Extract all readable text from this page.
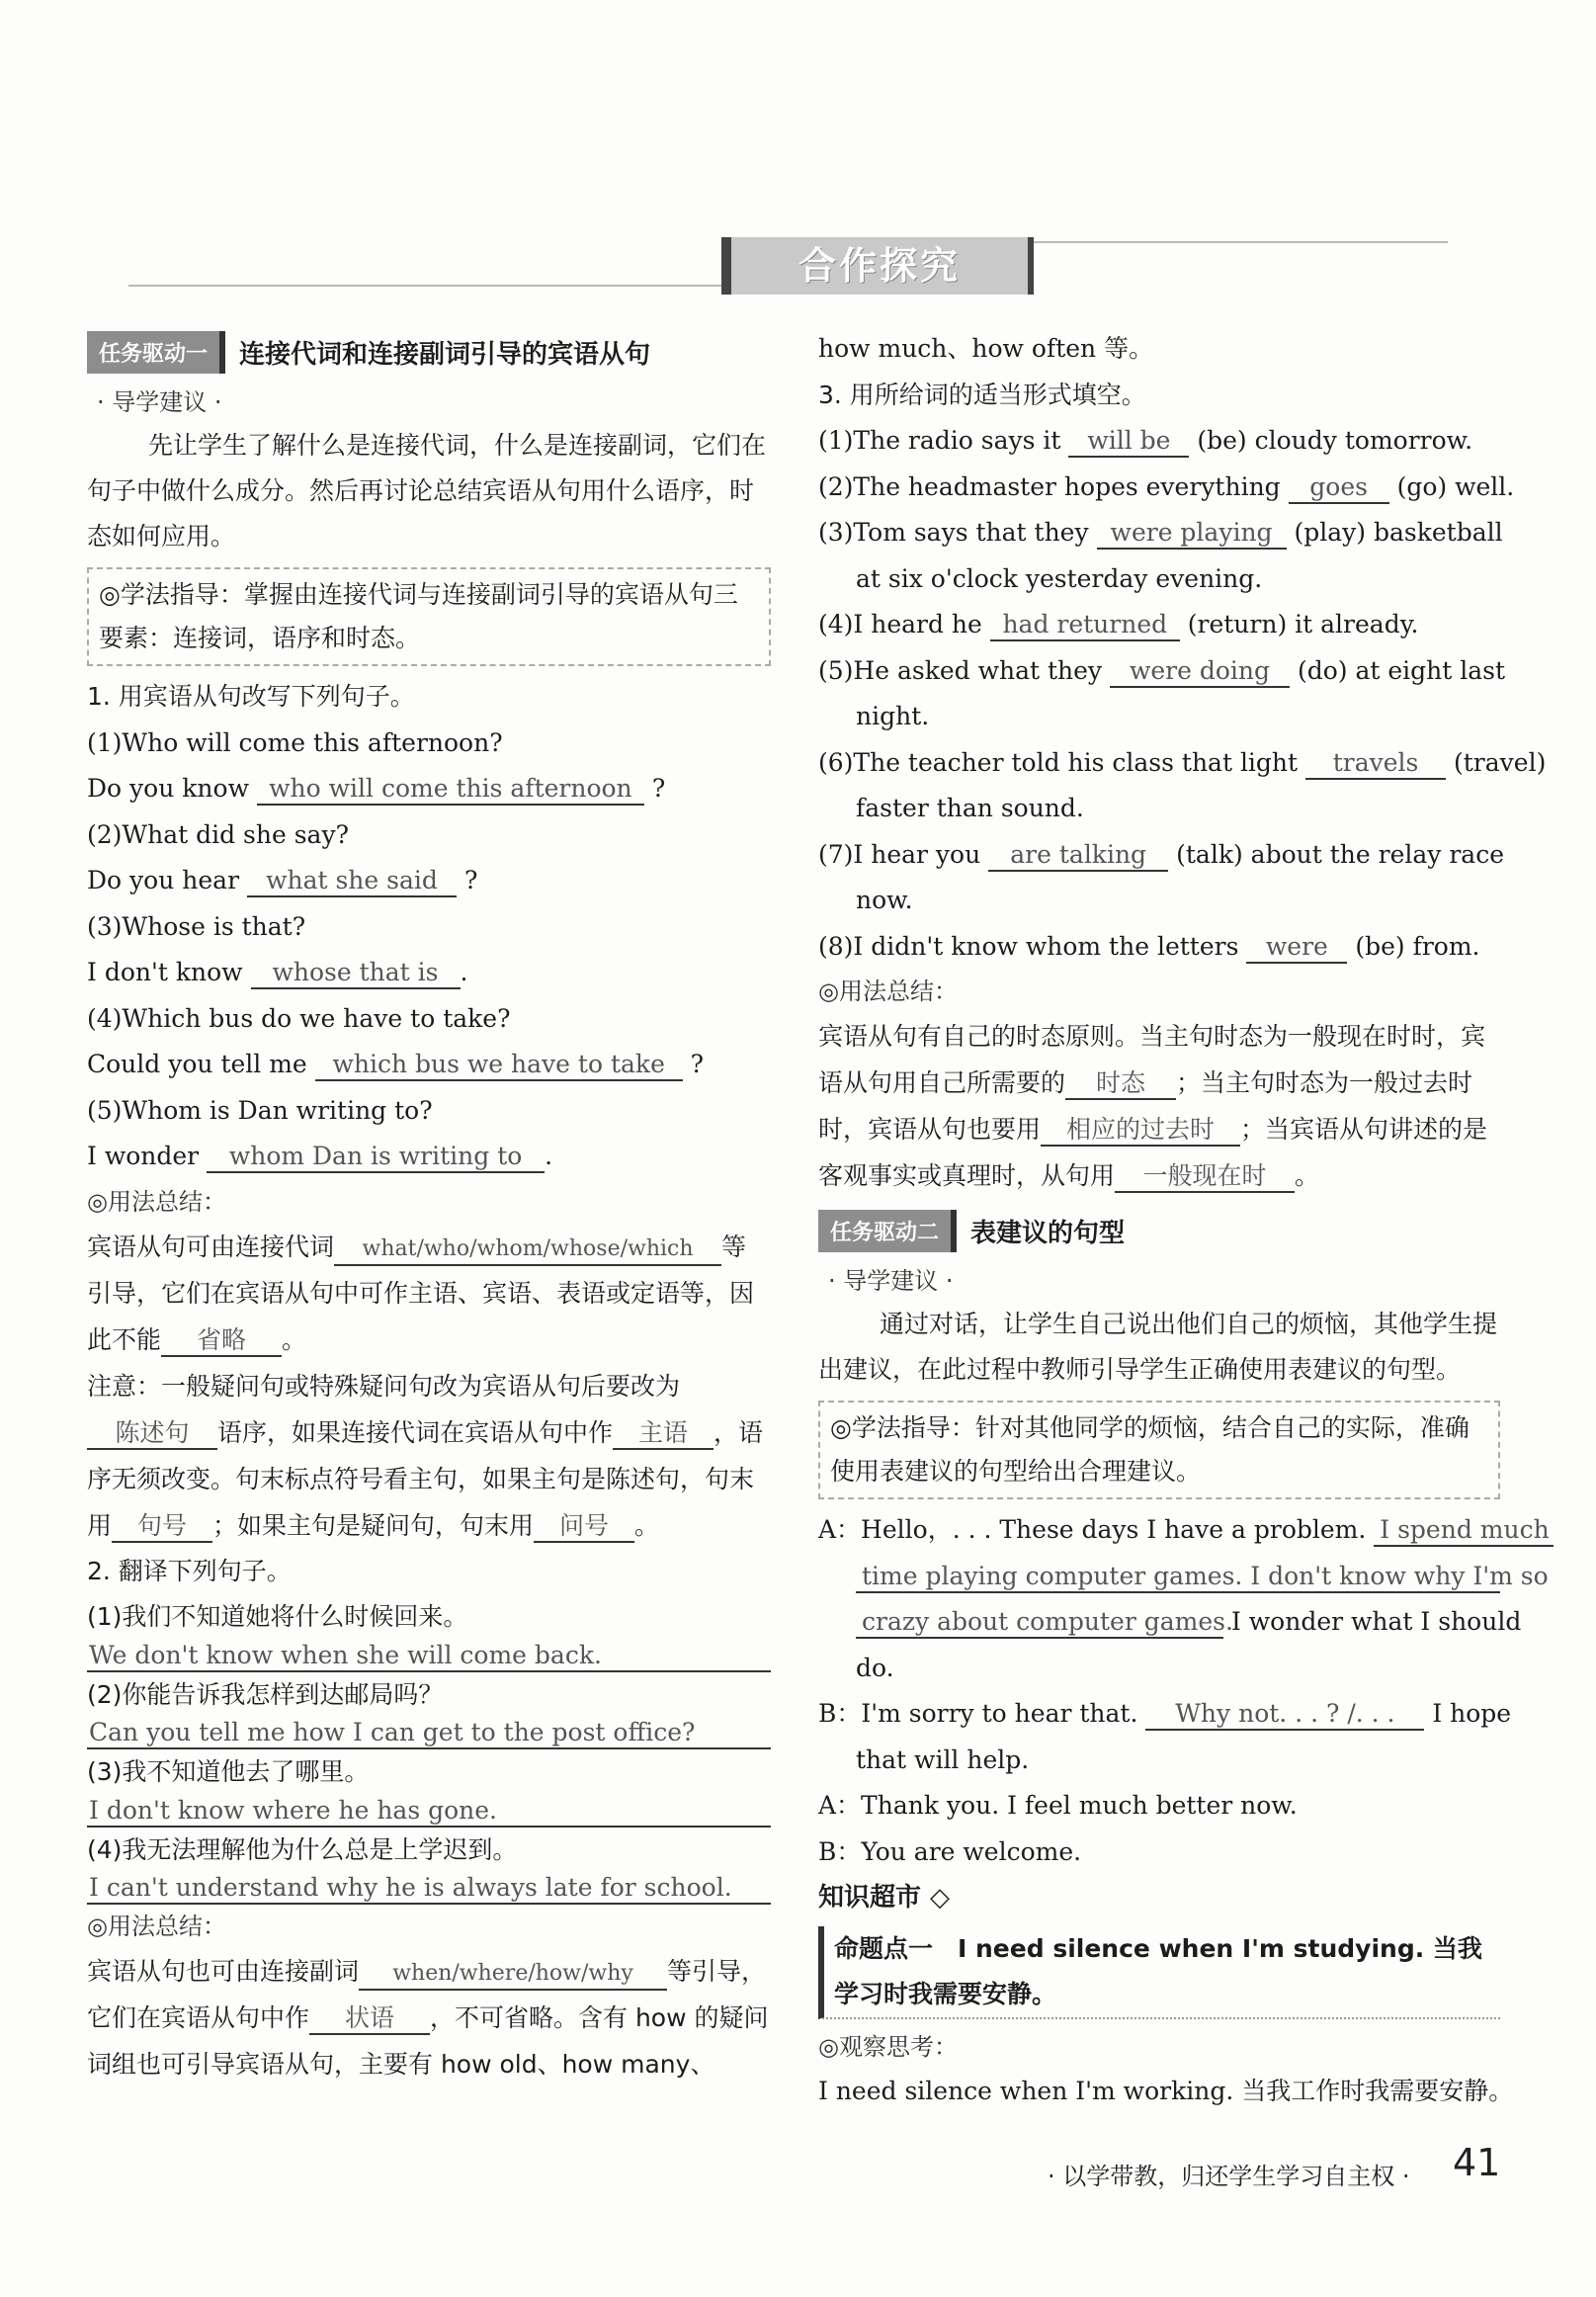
合作探究
任务驱动一	连接代词和连接副词引导的宾语从句
· 导学建议 ·
先让学生了解什么是连接代词，什么是连接副词，它们在句子中做什么成分。然后再讨论总结宾语从句用什么语序，时态如何应用。
◎学法指导：掌握由连接代词与连接副词引导的宾语从句三要素：连接词，语序和时态。
1. 用宾语从句改写下列句子。
(1)Who will come this afternoon?
Do you know who will come this afternoon ?
(2)What did she say?
Do you hear what she said ?
(3)Whose is that?
I don't know whose that is .
(4)Which bus do we have to take?
Could you tell me which bus we have to take ?
(5)Whom is Dan writing to?
I wonder whom Dan is writing to .
◎用法总结：
宾语从句可由连接代词 what/who/whom/whose/which 等引导，它们在宾语从句中可作主语、宾语、表语或定语等，因此不能 省略 。
注意：一般疑问句或特殊疑问句改为宾语从句后要改为陈述句 语序，如果连接代词在宾语从句中作 主语 ，语序无须改变。句末标点符号看主句，如果主句是陈述句，句末用 句号 ；如果主句是疑问句，句末用 问号 。
2. 翻译下列句子。
(1)我们不知道她将什么时候回来。
We don't know when she will come back.
(2)你能告诉我怎样到达邮局吗？
Can you tell me how I can get to the post office?
(3)我不知道他去了哪里。
I don't know where he has gone.
(4)我无法理解他为什么总是上学迟到。
I can't understand why he is always late for school.
◎用法总结：
宾语从句也可由连接副词 when/where/how/why 等引导，它们在宾语从句中作 状语 ，不可省略。含有 how 的疑问词组也可引导宾语从句，主要有 how old、how many、
how much、how often 等。
3. 用所给词的适当形式填空。
(1)The radio says it will be (be) cloudy tomorrow.
(2)The headmaster hopes everything goes (go) well.
(3)Tom says that they were playing (play) basketball
at six o'clock yesterday evening.
(4)I heard he had returned (return) it already.
(5)He asked what they were doing (do) at eight last
night.
(6)The teacher told his class that light travels (travel)
faster than sound.
(7)I hear you are talking (talk) about the relay race
now.
(8)I didn't know whom the letters were (be) from.
◎用法总结：
宾语从句有自己的时态原则。当主句时态为一般现在时时，宾语从句用自己所需要的 时态 ；当主句时态为一般过去时时，宾语从句也要用 相应的过去时 ；当宾语从句讲述的是客观事实或真理时，从句用 一般现在时 。
任务驱动二	表建议的句型
· 导学建议 ·
通过对话，让学生自己说出他们自己的烦恼，其他学生提出建议，在此过程中教师引导学生正确使用表建议的句型。
◎学法指导：针对其他同学的烦恼，结合自己的实际，准确使用表建议的句型给出合理建议。
A：Hello，. . . These days I have a problem. I spend much
time playing computer games. I don't know why I'm so
crazy about computer games. I wonder what I should
do.
B：I'm sorry to hear that. Why not. . . ? /. . . I hope
that will help.
A：Thank you. I feel much better now.
B：You are welcome.
知识超市 ◇
命题点一　I need silence when I'm studying. 当我学习时我需要安静。
◎观察思考：
I need silence when I'm working. 当我工作时我需要安静。
· 以学带教，归还学生学习自主权 · 41
